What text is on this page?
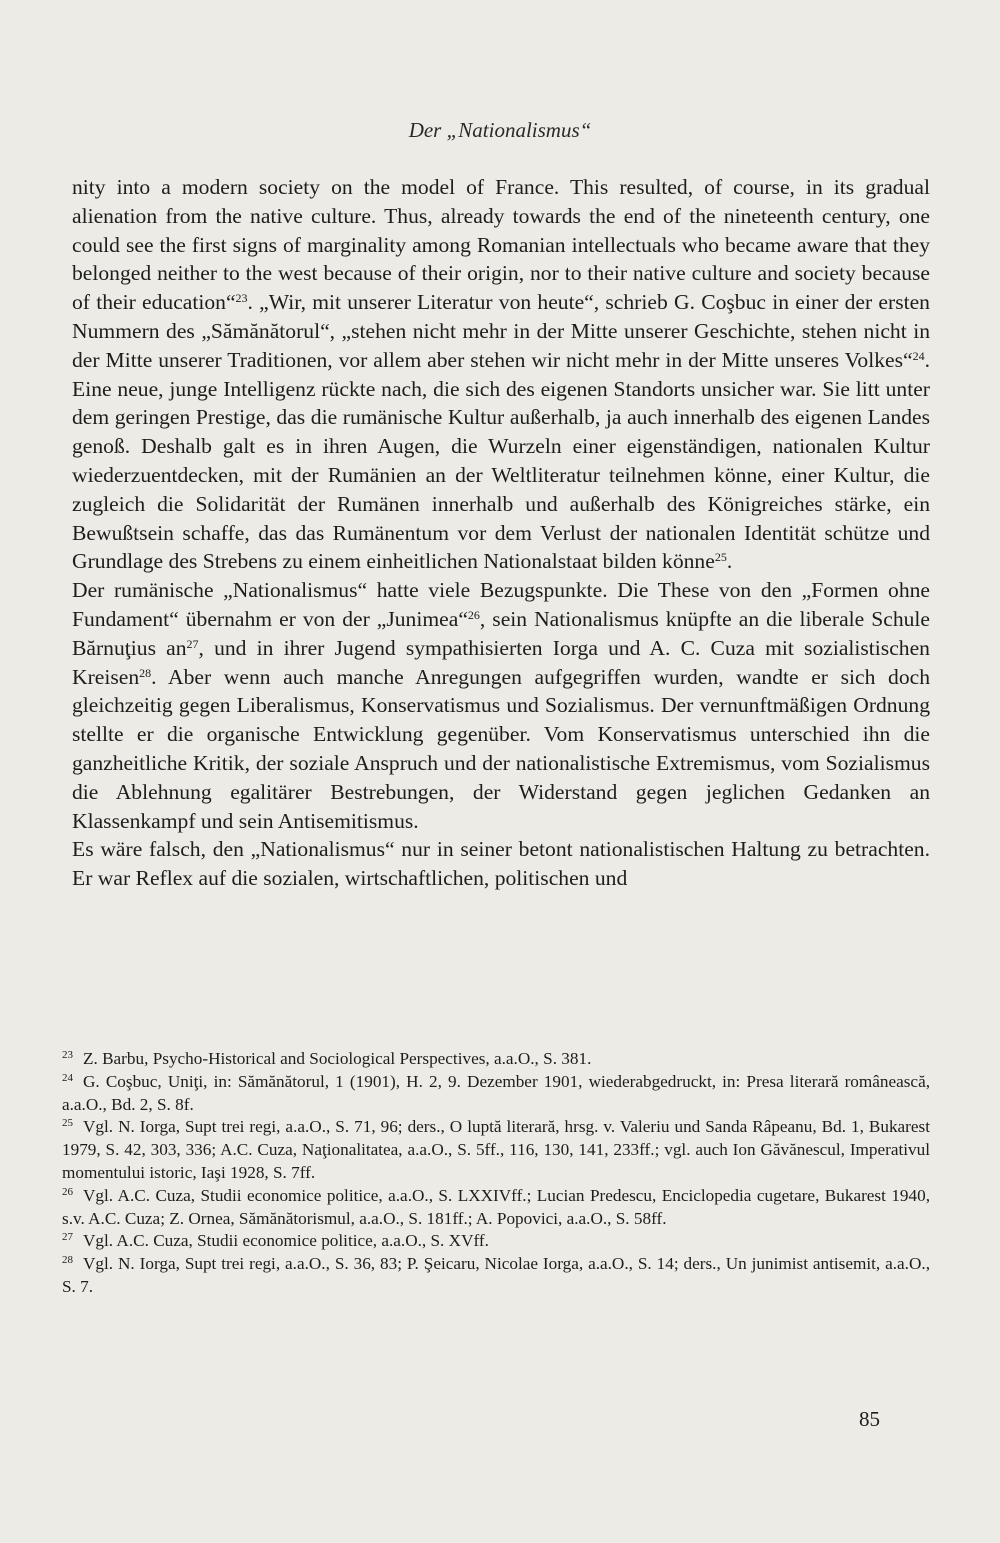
Der „Nationalismus“

nity into a modern society on the model of France. This resulted, of course, in its gradual alienation from the native culture. Thus, already towards the end of the nineteenth century, one could see the first signs of marginality among Romanian intellectuals who became aware that they belonged neither to the west because of their origin, nor to their native culture and society because of their education“$^{23}$. „Wir, mit unserer Literatur von heute“, schrieb G. Coşbuc in einer der ersten Nummern des „Sămănătorul“, „stehen nicht mehr in der Mitte unserer Geschichte, stehen nicht in der Mitte unserer Traditionen, vor allem aber stehen wir nicht mehr in der Mitte unseres Volkes“$^{24}$. Eine neue, junge Intelligenz rückte nach, die sich des eigenen Standorts unsicher war. Sie litt unter dem geringen Prestige, das die rumänische Kultur außerhalb, ja auch innerhalb des eigenen Landes genoß. Deshalb galt es in ihren Augen, die Wurzeln einer eigenständigen, nationalen Kultur wiederzuentdecken, mit der Rumänien an der Weltliteratur teilnehmen könne, einer Kultur, die zugleich die Solidarität der Rumänen innerhalb und außerhalb des Königreiches stärke, ein Bewußtsein schaffe, das das Rumänentum vor dem Verlust der nationalen Identität schütze und Grundlage des Strebens zu einem einheitlichen Nationalstaat bilden könne$^{25}$.

Der rumänische „Nationalismus“ hatte viele Bezugspunkte. Die These von den „Formen ohne Fundament“ übernahm er von der „Junimea“$^{26}$, sein Nationalismus knüpfte an die liberale Schule Bărnuţius $an^{27}$, und in ihrer Jugend sympathisierten Iorga und A. C. Cuza mit sozialistischen Kreisen$^{28}$. Aber wenn auch manche Anregungen aufgegriffen wurden, wandte er sich doch gleichzeitig gegen Liberalismus, Konservatismus und Sozialismus. Der vernunftmäßigen Ordnung stellte er die organische Entwicklung gegenüber. Vom Konservatismus unterschied ihn die ganzheitliche Kritik, der soziale Anspruch und der nationalistische Extremismus, vom Sozialismus die Ablehnung egalitärer Bestrebungen, der Widerstand gegen jeglichen Gedanken an Klassenkampf und sein Antisemitismus.

Es wäre falsch, den „Nationalismus“ nur in seiner betont nationalistischen Haltung zu betrachten. Er war Reflex auf die sozialen, wirtschaftlichen, politischen und

$^{23}$ Z. Barbu, Psycho-Historical and Sociological Perspectives, a.a.O., S. 381.

$^{24}$ G. Coşbuc, Uniţi, in: Sămănătorul, 1 (1901), H. 2, 9. Dezember 1901, wiederabgedruckt, in: Presa literară românească, a.a.O., Bd. 2, S. 8f.

$^{25}$ Vgl. N. Iorga, Supt trei regi, a.a.O., S. 71, 96; ders., O luptă literară, hrsg. v. Valeriu und Sanda Râpeanu, Bd. 1, Bukarest 1979, S. 42, 303, 336; A.C. Cuza, Naţionalitatea, a.a.O., S. 5ff., 116, 130, 141, 233ff.; vgl. auch Ion Găvănescul, Imperativul momentului istoric, Iaşi 1928, S. 7ff.

$^{26}$ Vgl. A.C. Cuza, Studii economice politice, a.a.O., S. LXXIVff.; Lucian Predescu, Enciclopedia cugetare, Bukarest 1940, s.v. A.C. Cuza; Z. Ornea, Sămănătorismul, a.a.O., S. 181ff.; A. Popovici, a.a.O., S. 58ff.

$^{27}$ Vgl. A.C. Cuza, Studii economice politice, a.a.O., S. XVff.

$^{28}$ Vgl. N. Iorga, Supt trei regi, a.a.O., S. 36, 83; P. Şeicaru, Nicolae Iorga, a.a.O., S. 14; ders., Un junimist antisemit, a.a.O., S. 7.

85
